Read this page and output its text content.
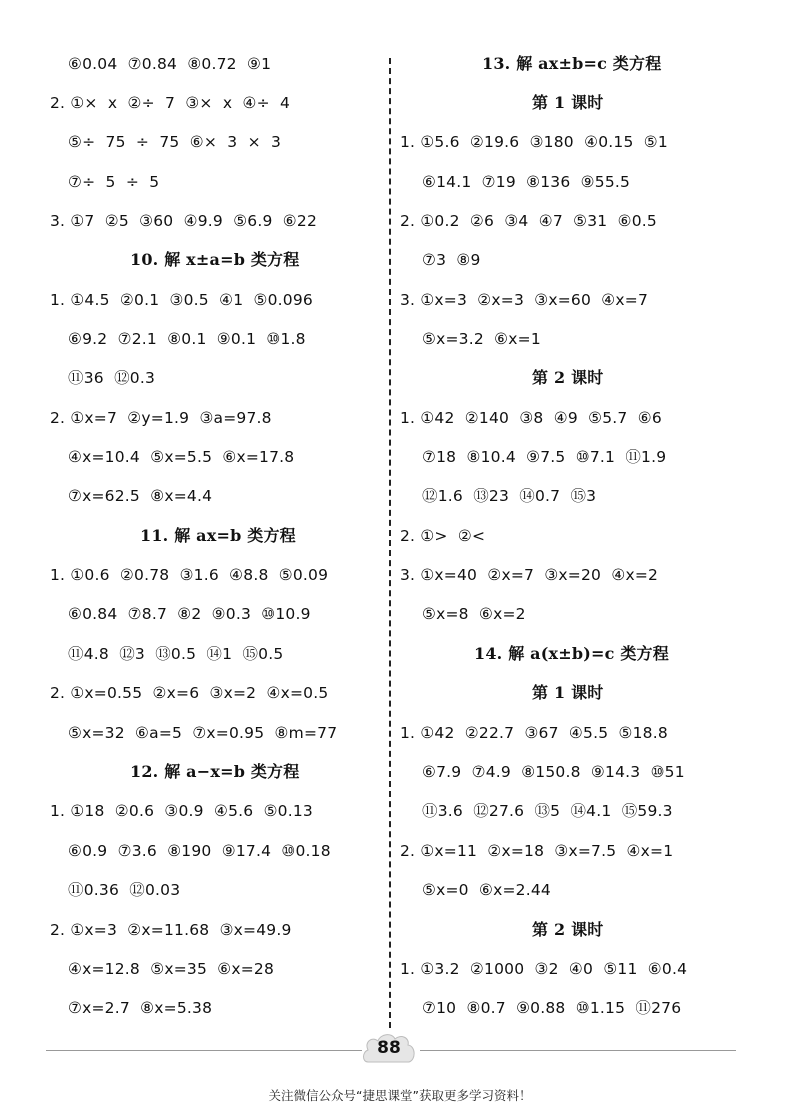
⑥0.04  ⑦0.84  ⑧0.72  ⑨1
2. ①×  x  ②÷  7  ③×  x  ④÷  4
⑤÷  75  ÷  75  ⑥×  3  ×  3
⑦÷  5  ÷  5
3. ①7  ②5  ③60  ④9.9  ⑤6.9  ⑥22
10. 解 x±a=b 类方程
1. ①4.5  ②0.1  ③0.5  ④1  ⑤0.096
⑥9.2  ⑦2.1  ⑧0.1  ⑨0.1  ⑩1.8
⑪36  ⑫0.3
2. ①x=7  ②y=1.9  ③a=97.8
④x=10.4  ⑤x=5.5  ⑥x=17.8
⑦x=62.5  ⑧x=4.4
11. 解 ax=b 类方程
1. ①0.6  ②0.78  ③1.6  ④8.8  ⑤0.09
⑥0.84  ⑦8.7  ⑧2  ⑨0.3  ⑩10.9
⑪4.8  ⑫3  ⑬0.5  ⑭1  ⑮0.5
2. ①x=0.55  ②x=6  ③x=2  ④x=0.5
⑤x=32  ⑥a=5  ⑦x=0.95  ⑧m=77
12. 解 a−x=b 类方程
1. ①18  ②0.6  ③0.9  ④5.6  ⑤0.13
⑥0.9  ⑦3.6  ⑧190  ⑨17.4  ⑩0.18
⑪0.36  ⑫0.03
2. ①x=3  ②x=11.68  ③x=49.9
④x=12.8  ⑤x=35  ⑥x=28
⑦x=2.7  ⑧x=5.38
13. 解 ax±b=c 类方程
第 1 课时
1. ①5.6  ②19.6  ③180  ④0.15  ⑤1
⑥14.1  ⑦19  ⑧136  ⑨55.5
2. ①0.2  ②6  ③4  ④7  ⑤31  ⑥0.5
⑦3  ⑧9
3. ①x=3  ②x=3  ③x=60  ④x=7
⑤x=3.2  ⑥x=1
第 2 课时
1. ①42  ②140  ③8  ④9  ⑤5.7  ⑥6
⑦18  ⑧10.4  ⑨7.5  ⑩7.1  ⑪1.9
⑫1.6  ⑬23  ⑭0.7  ⑮3
2. ①>  ②<
3. ①x=40  ②x=7  ③x=20  ④x=2
⑤x=8  ⑥x=2
14. 解 a(x±b)=c 类方程
第 1 课时
1. ①42  ②22.7  ③67  ④5.5  ⑤18.8
⑥7.9  ⑦4.9  ⑧150.8  ⑨14.3  ⑩51
⑪3.6  ⑫27.6  ⑬5  ⑭4.1  ⑮59.3
2. ①x=11  ②x=18  ③x=7.5  ④x=1
⑤x=0  ⑥x=2.44
第 2 课时
1. ①3.2  ②1000  ③2  ④0  ⑤11  ⑥0.4
⑦10  ⑧0.7  ⑨0.88  ⑩1.15  ⑪276
88
关注微信公众号“捷思课堂”获取更多学习资料！
